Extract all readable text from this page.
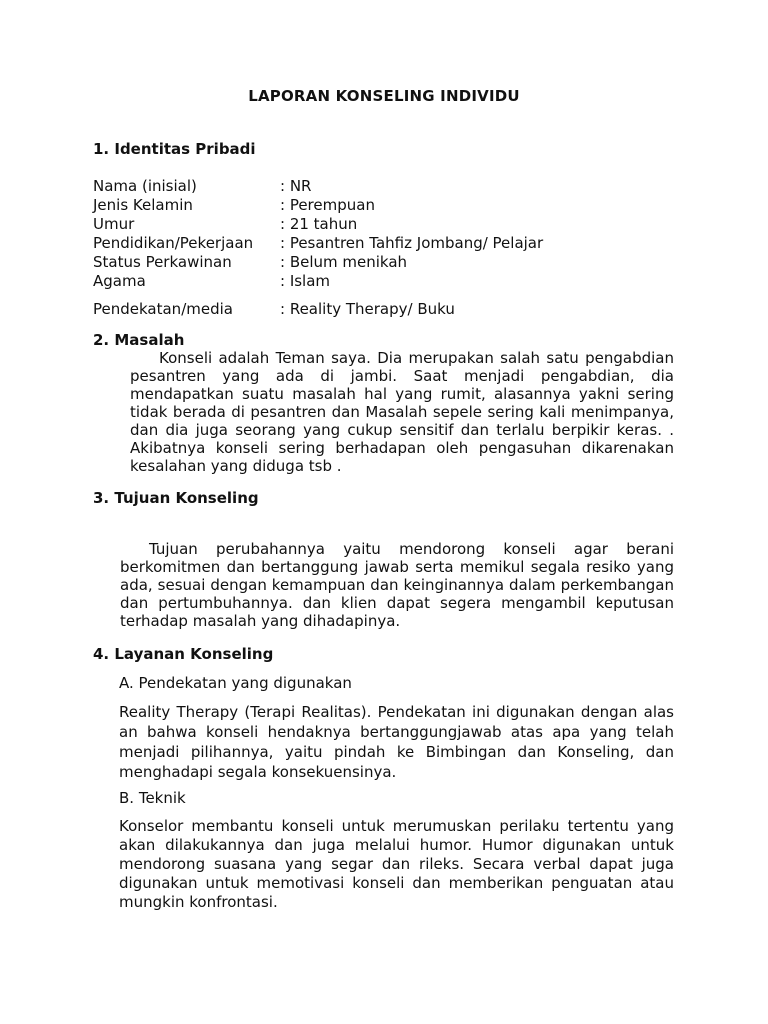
LAPORAN KONSELING INDIVIDU
1. Identitas Pribadi
Nama (inisial)	: NR
Jenis Kelamin	: Perempuan
Umur	: 21 tahun
Pendidikan/Pekerjaan : Pesantren Tahfiz Jombang/ Pelajar
Status Perkawinan	: Belum menikah
Agama	: Islam
Pendekatan/media	: Reality Therapy/ Buku
2. Masalah

Konseli adalah Teman saya. Dia merupakan salah satu pengabdian pesantren yang ada di jambi. Saat menjadi pengabdian, dia mendapatkan suatu masalah hal yang rumit, alasannya yakni sering tidak berada di pesantren dan Masalah sepele sering kali menimpanya, dan dia juga seorang yang cukup sensitif dan terlalu berpikir keras. . Akibatnya konseli sering berhadapan oleh pengasuhan dikarenakan kesalahan yang diduga tsb .

3. Tujuan Konseling

Tujuan perubahannya yaitu mendorong konseli agar berani berkomitmen dan bertanggung jawab serta memikul segala resiko yang ada, sesuai dengan kemampuan dan keinginannya dalam perkembangan dan pertumbuhannya. dan klien dapat segera mengambil keputusan terhadap masalah yang dihadapinya.

4. Layanan Konseling
A. Pendekatan yang digunakan

Reality Therapy (Terapi Realitas). Pendekatan ini digunakan dengan alas an bahwa konseli hendaknya bertanggungjawab atas apa yang telah menjadi pilihannya, yaitu pindah ke Bimbingan dan Konseling, dan menghadapi segala konsekuensinya.

B. Teknik

Konselor membantu konseli untuk merumuskan perilaku tertentu yang akan dilakukannya dan juga melalui humor. Humor digunakan untuk mendorong suasana yang segar dan rileks. Secara verbal dapat juga digunakan untuk memotivasi konseli dan memberikan penguatan atau mungkin konfrontasi.
